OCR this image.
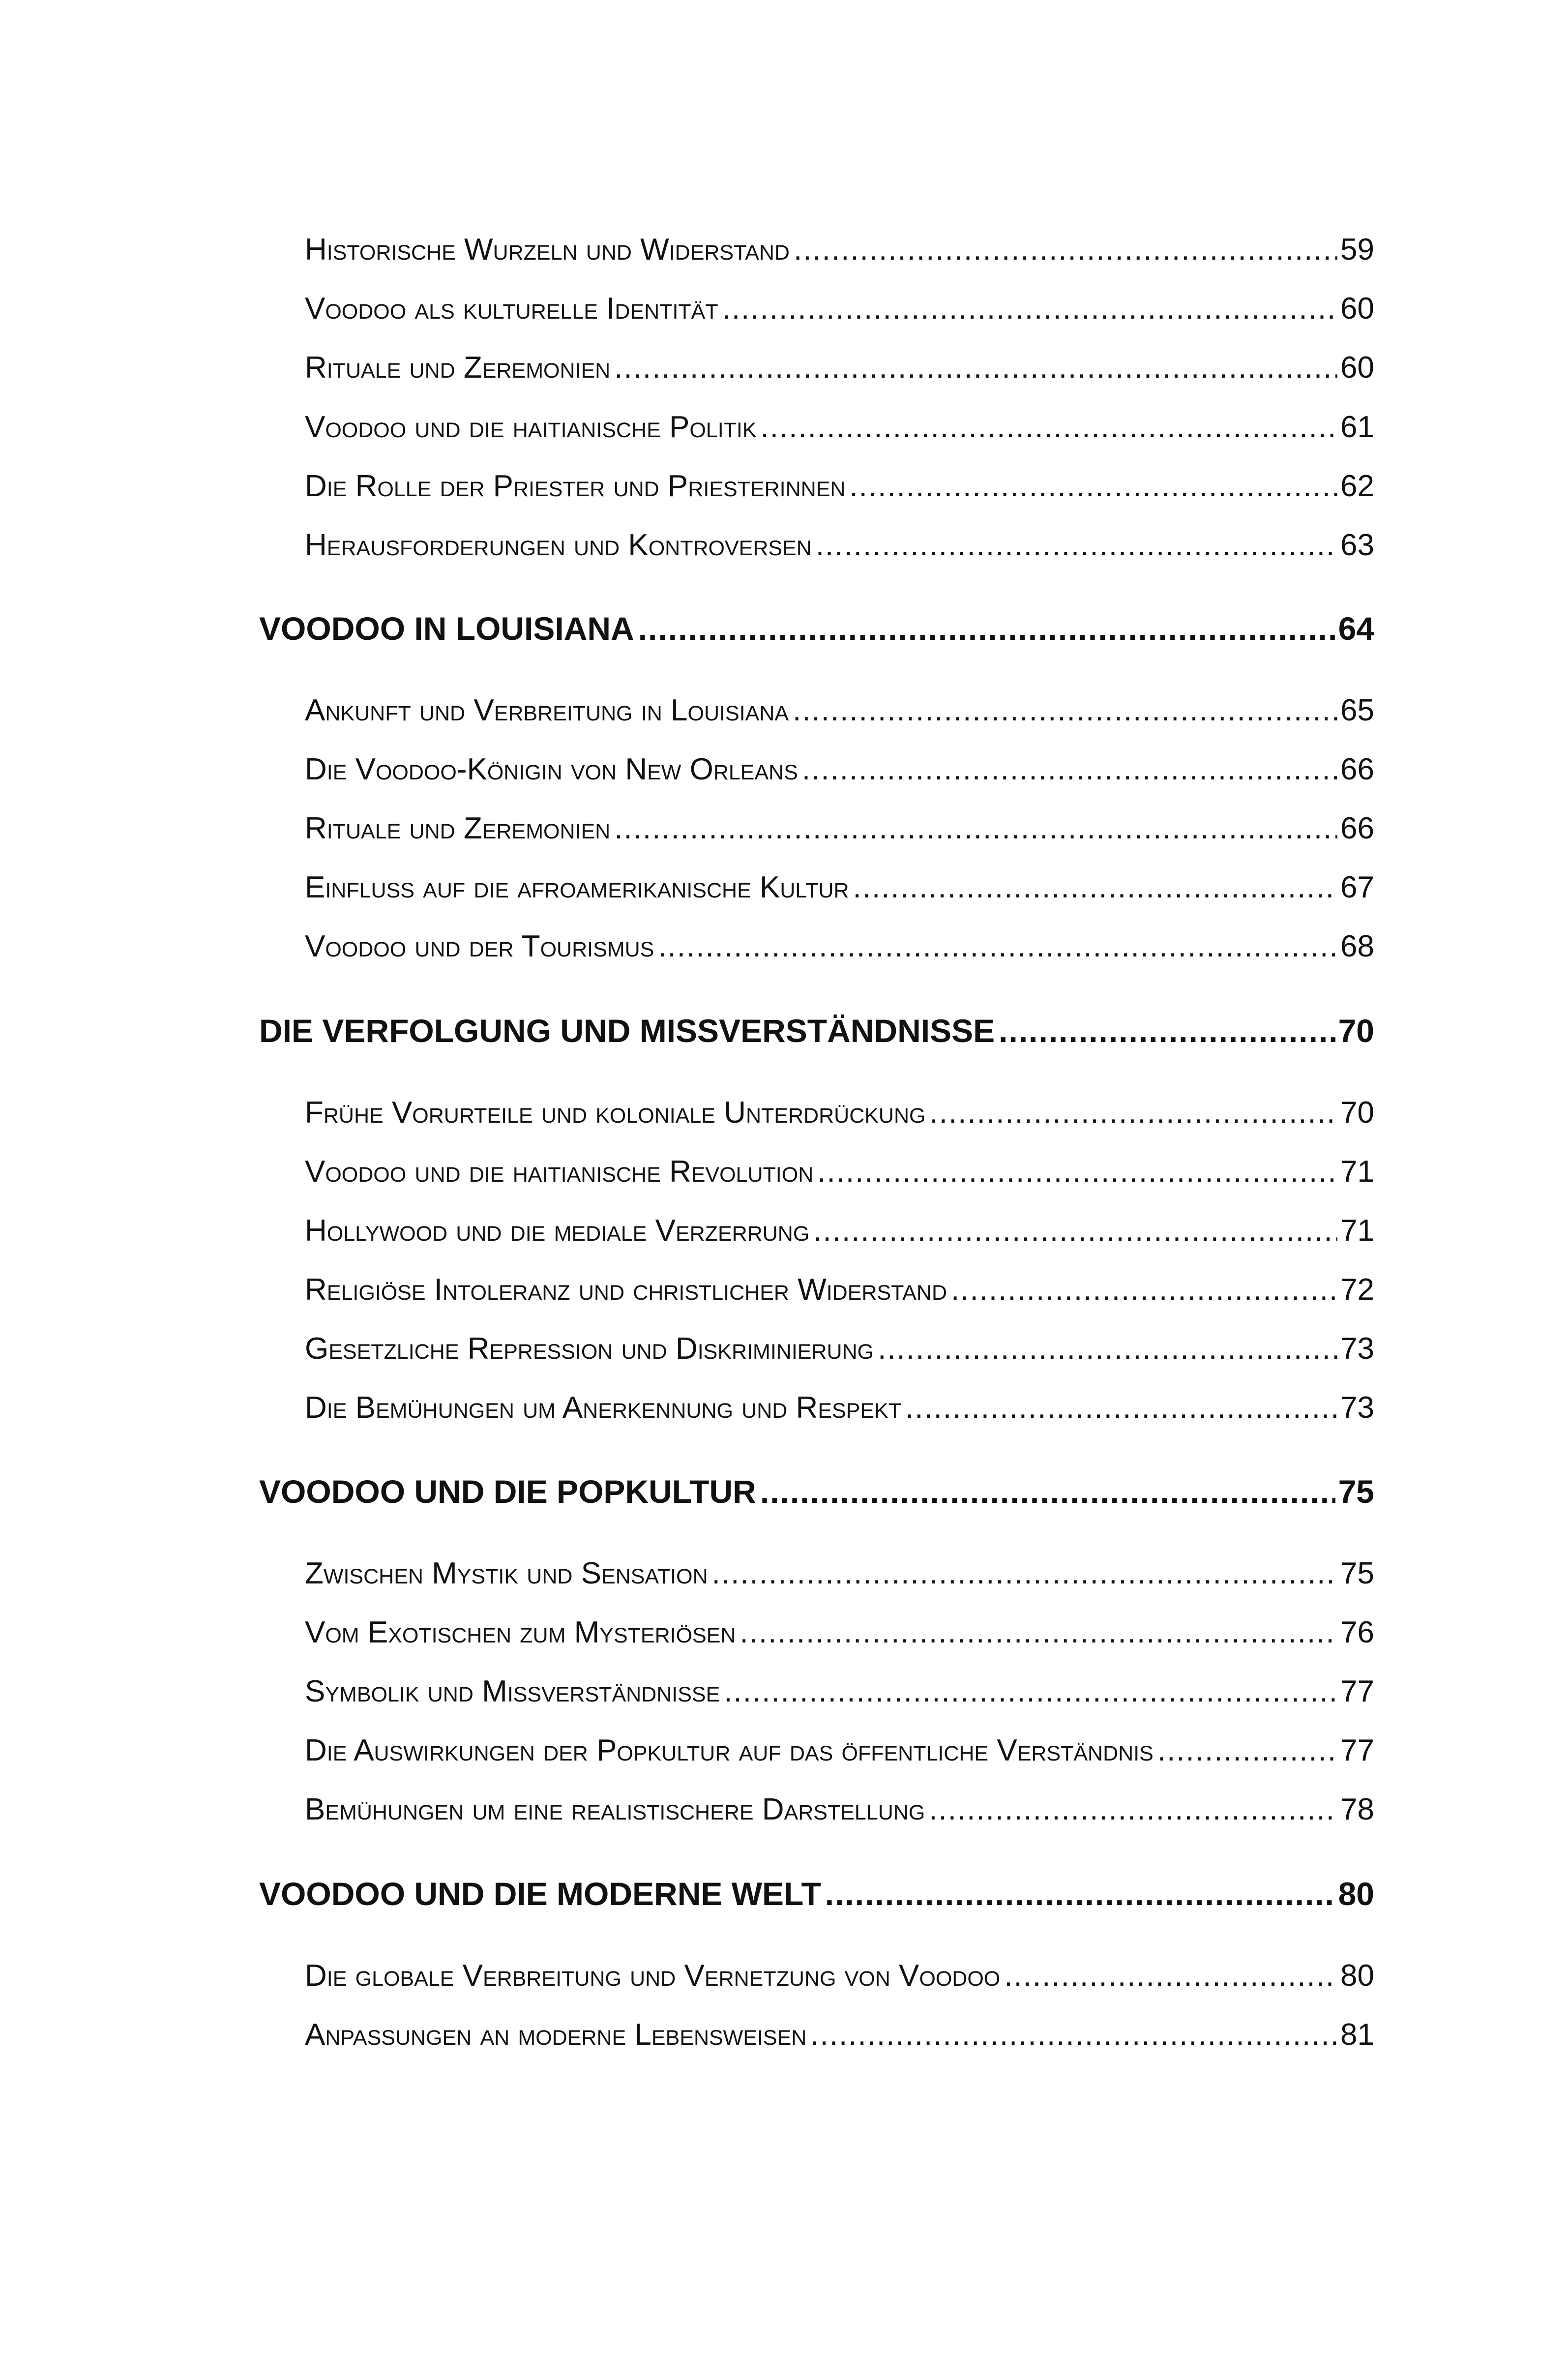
Historische Wurzeln und Widerstand .....	59
Voodoo als kulturelle Identität .....	60
Rituale und Zeremonien .....	60
Voodoo und die haitianische Politik .....	61
Die Rolle der Priester und Priesterinnen .....	62
Herausforderungen und Kontroversen .....	63
VOODOO IN LOUISIANA .....	64
Ankunft und Verbreitung in Louisiana .....	65
Die Voodoo-Königin von New Orleans .....	66
Rituale und Zeremonien .....	66
Einfluss auf die afroamerikanische Kultur .....	67
Voodoo und der Tourismus .....	68
DIE VERFOLGUNG UND MISSVERSTÄNDNISSE .....	70
Frühe Vorurteile und koloniale Unterdrückung .....	70
Voodoo und die haitianische Revolution .....	71
Hollywood und die mediale Verzerrung .....	71
Religiöse Intoleranz und christlicher Widerstand .....	72
Gesetzliche Repression und Diskriminierung .....	73
Die Bemühungen um Anerkennung und Respekt .....	73
VOODOO UND DIE POPKULTUR .....	75
Zwischen Mystik und Sensation .....	75
Vom Exotischen zum Mysteriösen .....	76
Symbolik und Missverständnisse .....	77
Die Auswirkungen der Popkultur auf das öffentliche Verständnis .....	77
Bemühungen um eine realistischere Darstellung .....	78
VOODOO UND DIE MODERNE WELT .....	80
Die globale Verbreitung und Vernetzung von Voodoo .....	80
Anpassungen an moderne Lebensweisen .....	81
